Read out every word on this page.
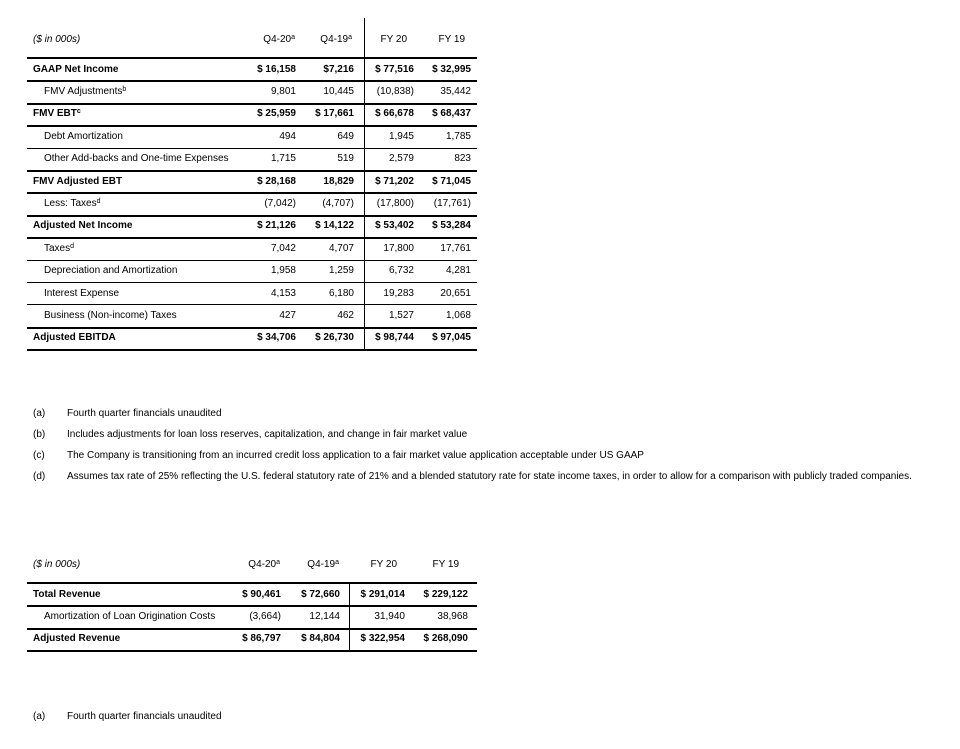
($ in 000s)	Q4-20$^a$	Q4-19$^a$	FY 20	FY 19
GAAP Net Income	$ 16,158	$7,216 $ 77,516 $ 32,995
FMV Adjustments$^b$	9,801	10,445 (10,838)	35,442
FMV EBT$^c$	$ 25,959 $ 17,661 $ 66,678 $ 68,437
Debt Amortization	494	649	1,945	1,785
Other Add-backs and One-time Expenses	1,715	519	2,579	823
FMV Adjusted EBT	$ 28,168	18,829 $ 71,202 $ 71,045
Less: Taxes$^d$	(7,042)	(4,707) (17,800) (17,761)
Adjusted Net Income	$ 21,126 $ 14,122 $ 53,402 $ 53,284
Taxes$^d$	7,042	4,707	17,800	17,761
Depreciation and Amortization	1,958	1,259	6,732	4,281
Interest Expense	4,153	6,180	19,283	20,651
Business (Non-income) Taxes	427	462	1,527	1,068
Adjusted EBITDA	$ 34,706 $ 26,730 $ 98,744 $ 97,045
(a) Fourth quarter financials unaudited
(b) Includes adjustments for loan loss reserves, capitalization, and change in fair market value
(c) The Company is transitioning from an incurred credit loss application to a fair market value application acceptable under US GAAP
(d) Assumes tax rate of 25% reflecting the U.S. federal statutory rate of 21% and a blended statutory rate for state income taxes, in order to allow for a comparison with publicly traded companies.
($ in 000s)	Q4-20$^a$	Q4-19$^a$	FY 20	FY 19
Total Revenue	$ 90,461 $ 72,660 $ 291,014 $ 229,122
Amortization of Loan Origination Costs	(3,664)	12,144	31,940	38,968
Adjusted Revenue	$ 86,797 $ 84,804 $ 322,954 $ 268,090
(a) Fourth quarter financials unaudited
